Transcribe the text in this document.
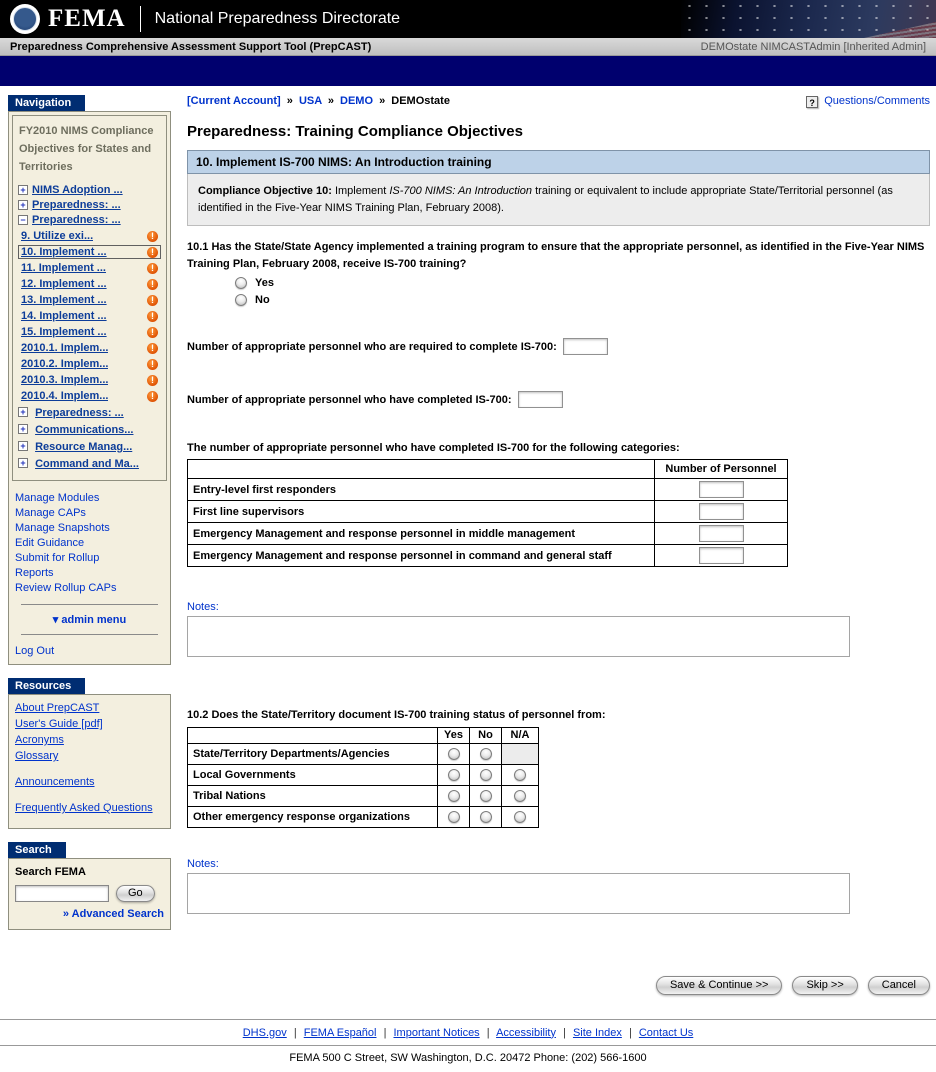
FEMA National Preparedness Directorate
Preparedness Comprehensive Assessment Support Tool (PrepCAST)	DEMOstate NIMCASTAdmin [Inherited Admin]
Navigation
FY2010 NIMS Compliance Objectives for States and Territories
+ NIMS Adoption ...
+ Preparedness: ...
− Preparedness: ...
9. Utilize exi...	!
10. Implement ...	!
11. Implement ...	!
12. Implement ...	!
13. Implement ...	!
14. Implement ...	!
15. Implement ...	!
2010.1. Implem...	!
2010.2. Implem...	!
2010.3. Implem...	!
2010.4. Implem...	!
+ Preparedness: ...
+ Communications...
+ Resource Manag...
+ Command and Ma...
Manage Modules
Manage CAPs
Manage Snapshots
Edit Guidance
Submit for Rollup
Reports
Review Rollup CAPs
▾ admin menu
Log Out
Resources
About PrepCAST
User's Guide [pdf]
Acronyms
Glossary
Announcements
Frequently Asked Questions
Search
Search FEMA
Go
» Advanced Search
[Current Account] » USA » DEMO » DEMOstate	? Questions/Comments
Preparedness: Training Compliance Objectives
10. Implement IS-700 NIMS: An Introduction training
Compliance Objective 10: Implement IS-700 NIMS: An Introduction training or equivalent to include appropriate State/Territorial personnel (as identified in the Five-Year NIMS Training Plan, February 2008).
10.1 Has the State/State Agency implemented a training program to ensure that the appropriate personnel, as identified in the Five-Year NIMS Training Plan, February 2008, receive IS-700 training?
Yes
No
Number of appropriate personnel who are required to complete IS-700:
Number of appropriate personnel who have completed IS-700:
The number of appropriate personnel who have completed IS-700 for the following categories:
	Number of Personnel
Entry-level first responders	
First line supervisors	
Emergency Management and response personnel in middle management	
Emergency Management and response personnel in command and general staff	
Notes:
10.2 Does the State/Territory document IS-700 training status of personnel from:
	Yes	No	N/A
State/Territory Departments/Agencies			
Local Governments			
Tribal Nations			
Other emergency response organizations			
Notes:
Save & Continue >>	Skip >>	Cancel
DHS.gov | FEMA Español | Important Notices | Accessibility | Site Index | Contact Us
FEMA 500 C Street, SW Washington, D.C. 20472 Phone: (202) 566-1600
